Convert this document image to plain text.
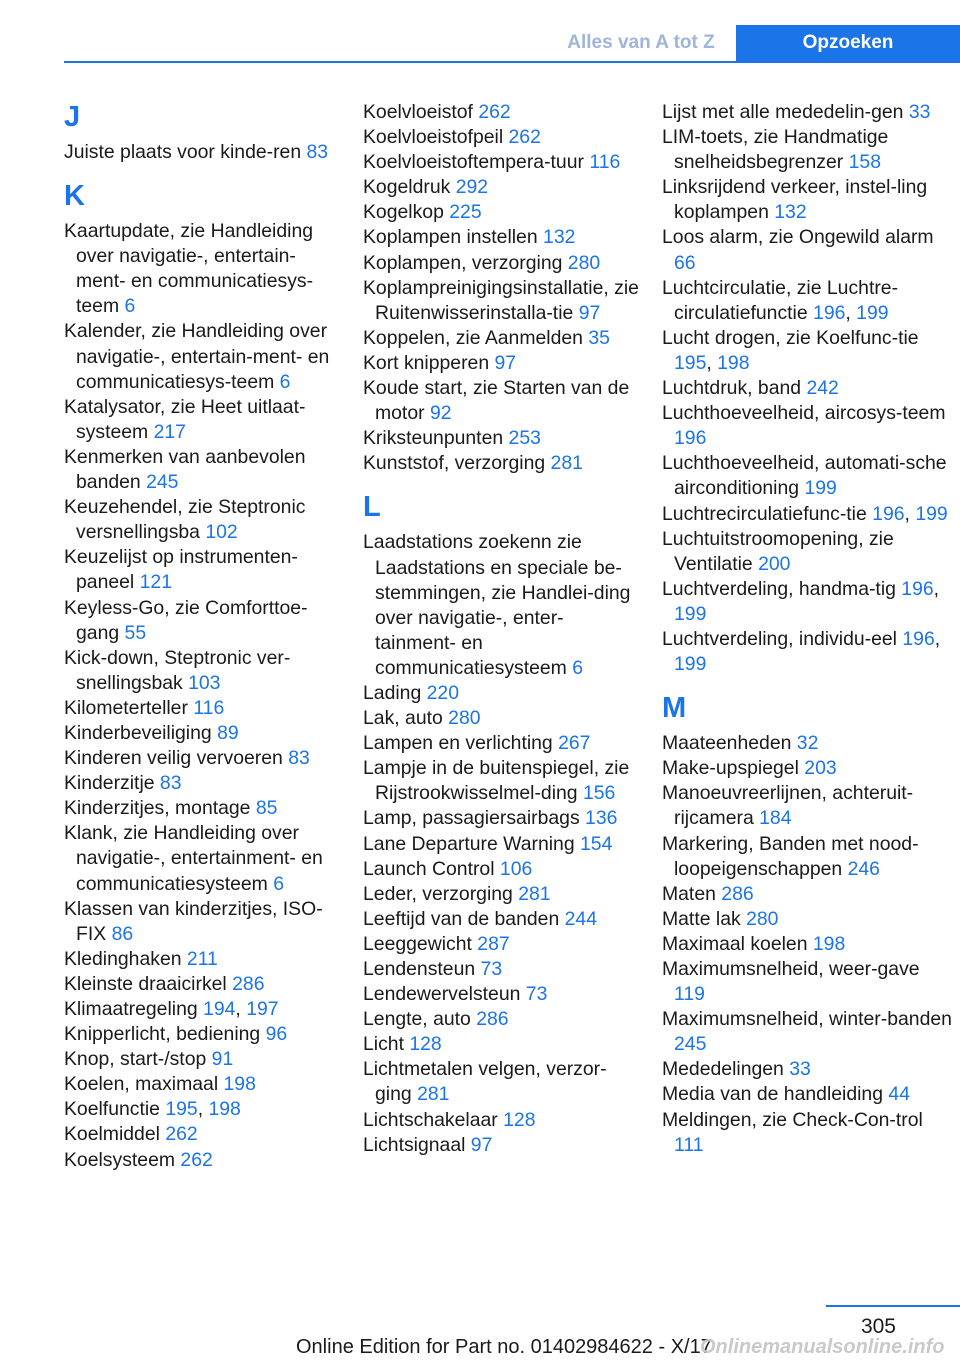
Alles van A tot Z	Opzoeken
J
Juiste plaats voor kinde-ren 83
K
Kaartupdate, zie Handleiding over navigatie-, entertain-ment- en communicatiesys-teem 6
Kalender, zie Handleiding over navigatie-, entertain-ment- en communicatiesys-teem 6
Katalysator, zie Heet uitlaat-systeem 217
Kenmerken van aanbevolen banden 245
Keuzehendel, zie Steptronic versnellingsba 102
Keuzelijst op instrumenten-paneel 121
Keyless-Go, zie Comforttoe-gang 55
Kick-down, Steptronic ver-snellingsbak 103
Kilometerteller 116
Kinderbeveiliging 89
Kinderen veilig vervoeren 83
Kinderzitje 83
Kinderzitjes, montage 85
Klank, zie Handleiding over navigatie-, entertainment- en communicatiesysteem 6
Klassen van kinderzitjes, ISO-FIX 86
Kledinghaken 211
Kleinste draaicirkel 286
Klimaatregeling 194, 197
Knipperlicht, bediening 96
Knop, start-/stop 91
Koelen, maximaal 198
Koelfunctie 195, 198
Koelmiddel 262
Koelsysteem 262
Koelvloeistof 262
Koelvloeistofpeil 262
Koelvloeistoftempera-tuur 116
Kogeldruk 292
Kogelkop 225
Koplampen instellen 132
Koplampen, verzorging 280
Koplampreinigingsinstallatie, zie Ruitenwisserinstalla-tie 97
Koppelen, zie Aanmelden 35
Kort knipperen 97
Koude start, zie Starten van de motor 92
Kriksteunpunten 253
Kunststof, verzorging 281
L
Laadstations zoekenn zie Laadstations en speciale be-stemmingen, zie Handlei-ding over navigatie-, enter-tainment- en communicatiesysteem 6
Lading 220
Lak, auto 280
Lampen en verlichting 267
Lampje in de buitenspiegel, zie Rijstrookwisselmel-ding 156
Lamp, passagiersairbags 136
Lane Departure Warning 154
Launch Control 106
Leder, verzorging 281
Leeftijd van de banden 244
Leeggewicht 287
Lendensteun 73
Lendewervelsteun 73
Lengte, auto 286
Licht 128
Lichtmetalen velgen, verzor-ging 281
Lichtschakelaar 128
Lichtsignaal 97
Lijst met alle mededelin-gen 33
LIM-toets, zie Handmatige snelheidsbegrenzer 158
Linksrijdend verkeer, instel-ling koplampen 132
Loos alarm, zie Ongewild alarm 66
Luchtcirculatie, zie Luchtre-circulatiefunctie 196, 199
Lucht drogen, zie Koelfunc-tie 195, 198
Luchtdruk, band 242
Luchthoeveelheid, aircosys-teem 196
Luchthoeveelheid, automati-sche airconditioning 199
Luchtrecirculatiefunc-tie 196, 199
Luchtuitstroomopening, zie Ventilatie 200
Luchtverdeling, handma-tig 196, 199
Luchtverdeling, individu-eel 196, 199
M
Maateenheden 32
Make-upspiegel 203
Manoeuvreerlijnen, achteruit-rijcamera 184
Markering, Banden met nood-loopeigenschappen 246
Maten 286
Matte lak 280
Maximaal koelen 198
Maximumsnelheid, weer-gave 119
Maximumsnelheid, winter-banden 245
Mededelingen 33
Media van de handleiding 44
Meldingen, zie Check-Con-trol 111
305
Online Edition for Part no. 01402984622 - X/17
Onlinemanualsonline.info
